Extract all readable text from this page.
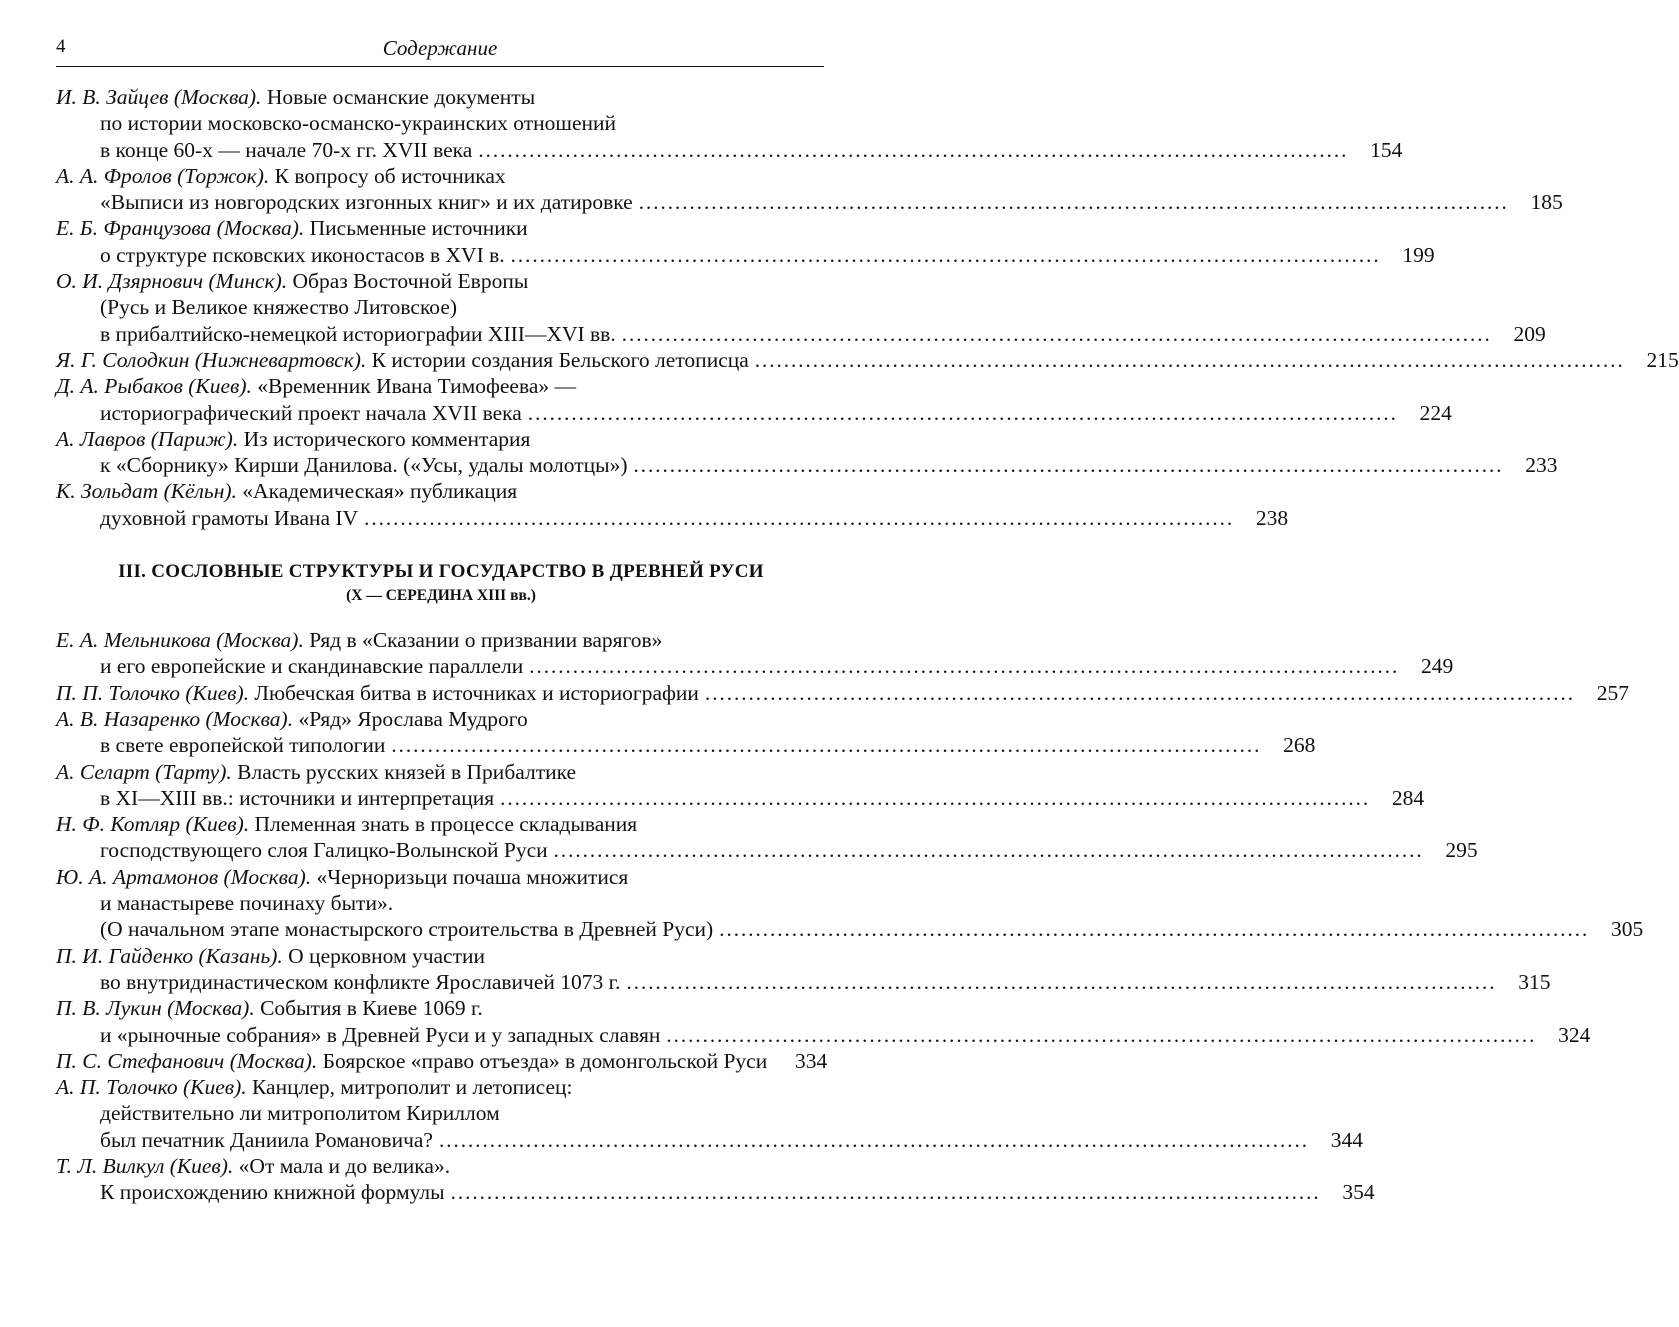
4	Содержание
И. В. Зайцев (Москва). Новые османские документы
по истории московско-османско-украинских отношений
в конце 60-х — начале 70-х гг. XVII века ........................................................................................................................	154
А. А. Фролов (Торжок). К вопросу об источниках
«Выписи из новгородских изгонных книг» и их датировке ........................................................................................................................	185
Е. Б. Французова (Москва). Письменные источники
о структуре псковских иконостасов в XVI в. ........................................................................................................................	199
О. И. Дзярнович (Минск). Образ Восточной Европы
(Русь и Великое княжество Литовское)
в прибалтийско-немецкой историографии XIII—XVI вв. ........................................................................................................................	209
Я. Г. Солодкин (Нижневартовск). К истории создания Бельского летописца ........................................................................................................................	215
Д. А. Рыбаков (Киев). «Временник Ивана Тимофеева» —
историографический проект начала XVII века ........................................................................................................................	224
А. Лавров (Париж). Из исторического комментария
к «Сборнику» Кирши Данилова. («Усы, удалы молотцы») ........................................................................................................................	233
К. Зольдат (Кёльн). «Академическая» публикация
духовной грамоты Ивана IV ........................................................................................................................	238
III. СОСЛОВНЫЕ СТРУКТУРЫ И ГОСУДАРСТВО В ДРЕВНЕЙ РУСИ
(Х — СЕРЕДИНА XIII вв.)
Е. А. Мельникова (Москва). Ряд в «Сказании о призвании варягов»
и его европейские и скандинавские параллели ........................................................................................................................	249
П. П. Толочко (Киев). Любечская битва в источниках и историографии ........................................................................................................................	257
А. В. Назаренко (Москва). «Ряд» Ярослава Мудрого
в свете европейской типологии ........................................................................................................................	268
А. Селарт (Тарту). Власть русских князей в Прибалтике
в XI—XIII вв.: источники и интерпретация ........................................................................................................................	284
Н. Ф. Котляр (Киев). Племенная знать в процессе складывания
господствующего слоя Галицко-Волынской Руси ........................................................................................................................	295
Ю. А. Артамонов (Москва). «Черноризьци почаша множитися
и манастыреве починаху быти».
(О начальном этапе монастырского строительства в Древней Руси) ........................................................................................................................	305
П. И. Гайденко (Казань). О церковном участии
во внутридинастическом конфликте Ярославичей 1073 г. ........................................................................................................................	315
П. В. Лукин (Москва). События в Киеве 1069 г.
и «рыночные собрания» в Древней Руси и у западных славян ........................................................................................................................	324
П. С. Стефанович (Москва). Боярское «право отъезда» в домонгольской Руси	334
А. П. Толочко (Киев). Канцлер, митрополит и летописец:
действительно ли митрополитом Кириллом
был печатник Даниила Романовича? ........................................................................................................................	344
Т. Л. Вилкул (Киев). «От мала и до велика».
К происхождению книжной формулы ........................................................................................................................	354
